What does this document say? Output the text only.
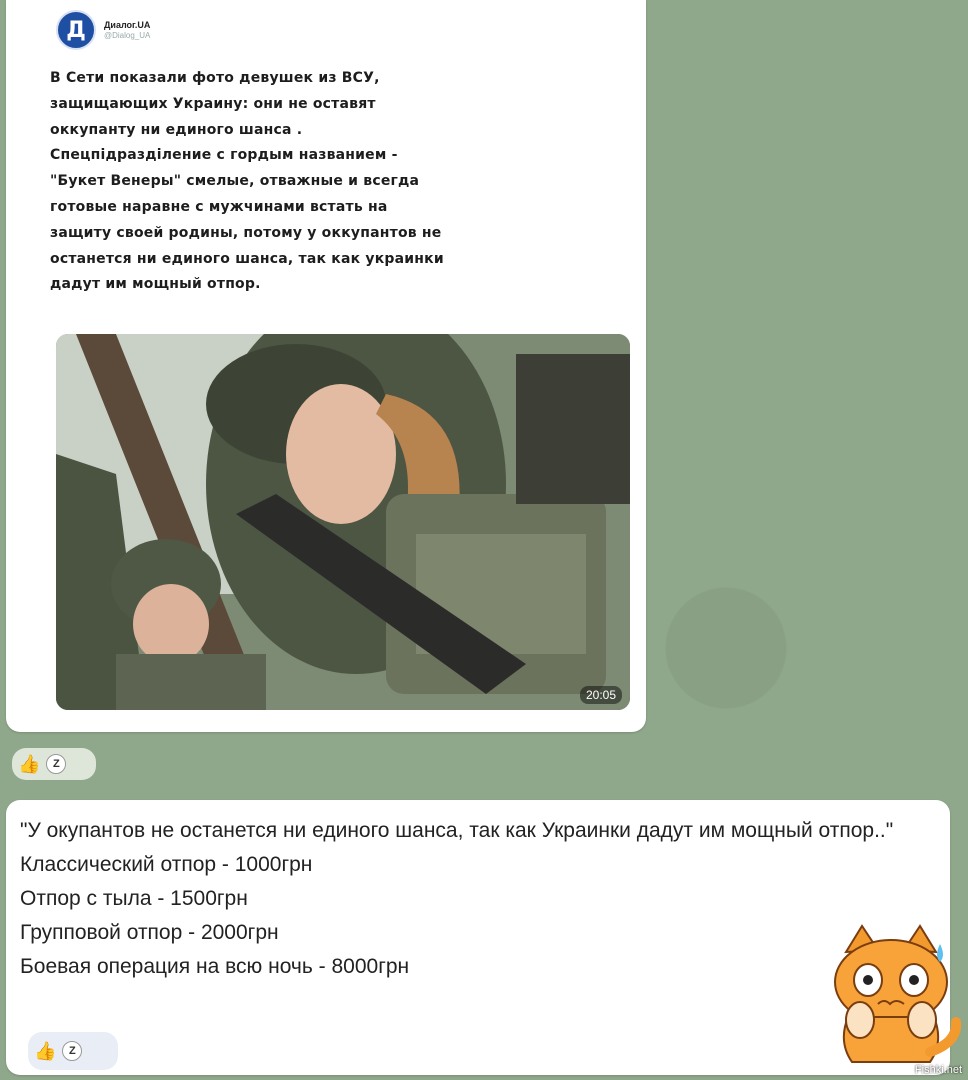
Д	Диалог.UA
@Dialog_UA

В Сети показали фото девушек из ВСУ,

защищающих Украину: они не оставят

оккупанту ни единого шанса .

Спецпідразділение с гордым названием -

"Букет Венеры" смелые, отважные и всегда

готовые наравне с мужчинами встать на

защиту своей родины, потому у оккупантов не

останется ни единого шанса, так как украинки

дадут им мощный отпор.

20:05
👍	Z
"У окупантов не останется ни единого шанса, так как Украинки дадут им мощный отпор.."
Классический отпор - 1000грн
Отпор с тыла - 1500грн
Групповой отпор - 2000грн
Боевая операция на всю ночь - 8000грн
👍	Z
Fishki.net
